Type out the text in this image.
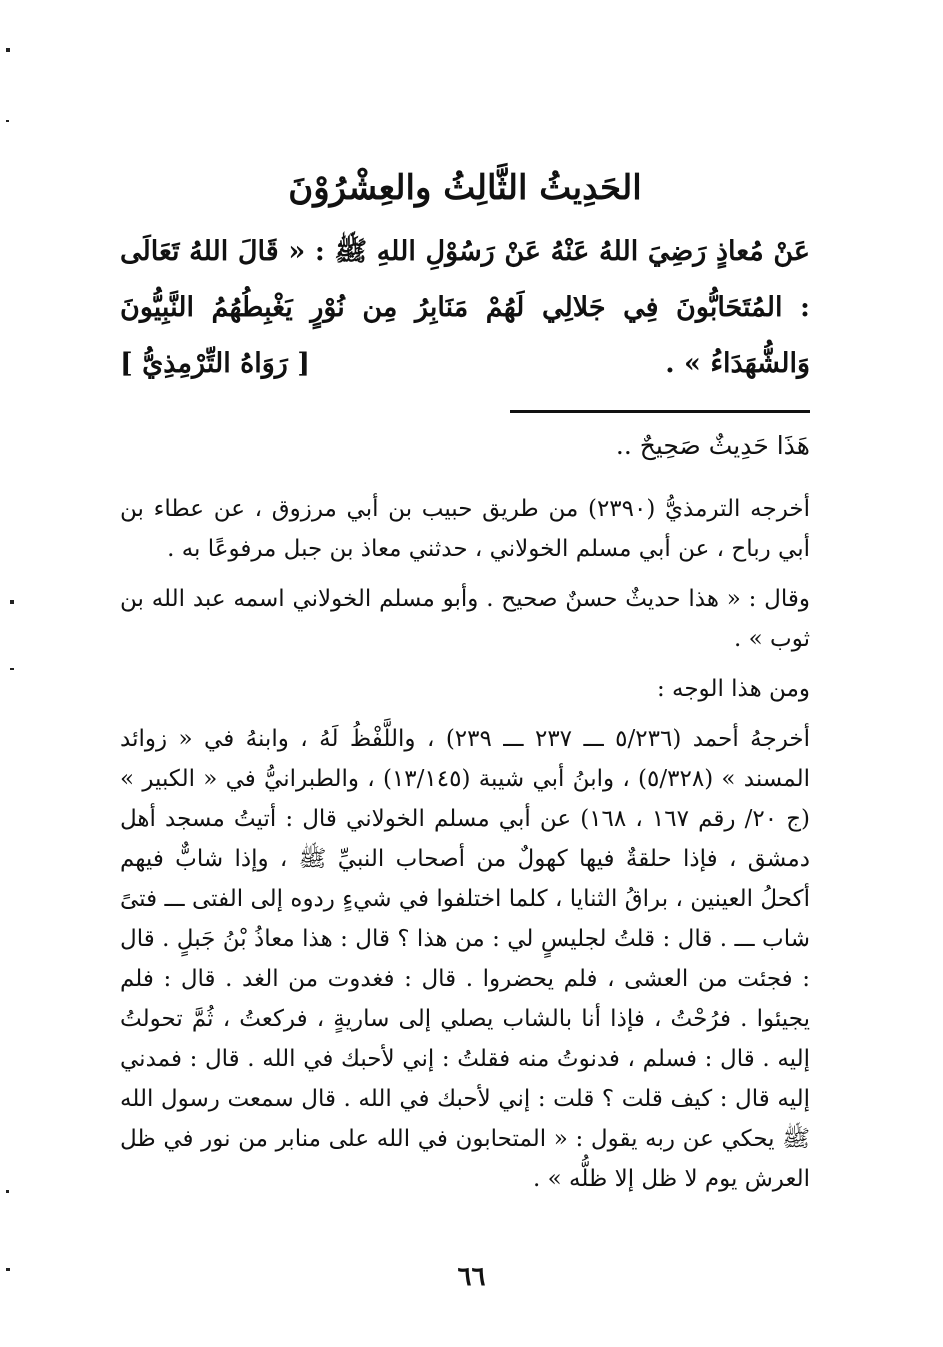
الحَدِيثُ الثَّالِثُ والعِشْرُوْنَ

عَنْ مُعاذٍ رَضِيَ اللهُ عَنْهُ عَنْ رَسُوْلِ اللهِ ﷺ : « قَالَ اللهُ تَعَالَى : المُتَحَابُّونَ فِي جَلالِي لَهُمْ مَنَابِرُ مِن نُوْرٍ يَغْبِطُهُمُ النَّبِيُّونَ وَالشُّهَدَاءُ » .
[ رَوَاهُ التِّرْمِذِيُّ ]

هَذَا حَدِيثٌ صَحِيحٌ ..

أخرجه الترمذيُّ (٢٣٩٠) من طريق حبيب بن أبي مرزوق ، عن عطاء بن أبي رباح ، عن أبي مسلم الخولاني ، حدثني معاذ بن جبل مرفوعًا به .

وقال : « هذا حديثٌ حسنٌ صحيح . وأبو مسلم الخولاني اسمه عبد الله بن ثوب » .

ومن هذا الوجه :

أخرجهُ أحمد (٥/٢٣٦ ـــ ٢٣٧ ـــ ٢٣٩) ، واللَّفْظُ لَهُ ، وابنهُ في « زوائد المسند » (٥/٣٢٨) ، وابنُ أبي شيبة (١٣/١٤٥) ، والطبرانيُّ في « الكبير » (ج ٢٠/ رقم ١٦٧ ، ١٦٨) عن أبي مسلم الخولاني قال : أتيتُ مسجد أهل دمشق ، فإذا حلقةٌ فيها كهولٌ من أصحاب النبيِّ ﷺ ، وإذا شابٌّ فيهم أكحلُ العينين ، براقُ الثنايا ، كلما اختلفوا في شيءٍ ردوه إلى الفتى ـــ فتىً شاب ـــ . قال : قلتُ لجليسٍ لي : من هذا ؟ قال : هذا معاذُ بْنُ جَبلٍ . قال : فجئت من العشى ، فلم يحضروا . قال : فغدوت من الغد . قال : فلم يجيئوا . فرُحْتُ ، فإذا أنا بالشاب يصلي إلى ساريةٍ ، فركعتُ ، ثُمَّ تحولتُ إليه . قال : فسلم ، فدنوتُ منه فقلتُ : إني لأحبك في الله . قال : فمدني إليه قال : كيف قلت ؟ قلت : إني لأحبك في الله . قال سمعت رسول الله ﷺ يحكي عن ربه يقول : « المتحابون في الله على منابر من نور في ظل العرش يوم لا ظل إلا ظلُّه » .

٦٦
